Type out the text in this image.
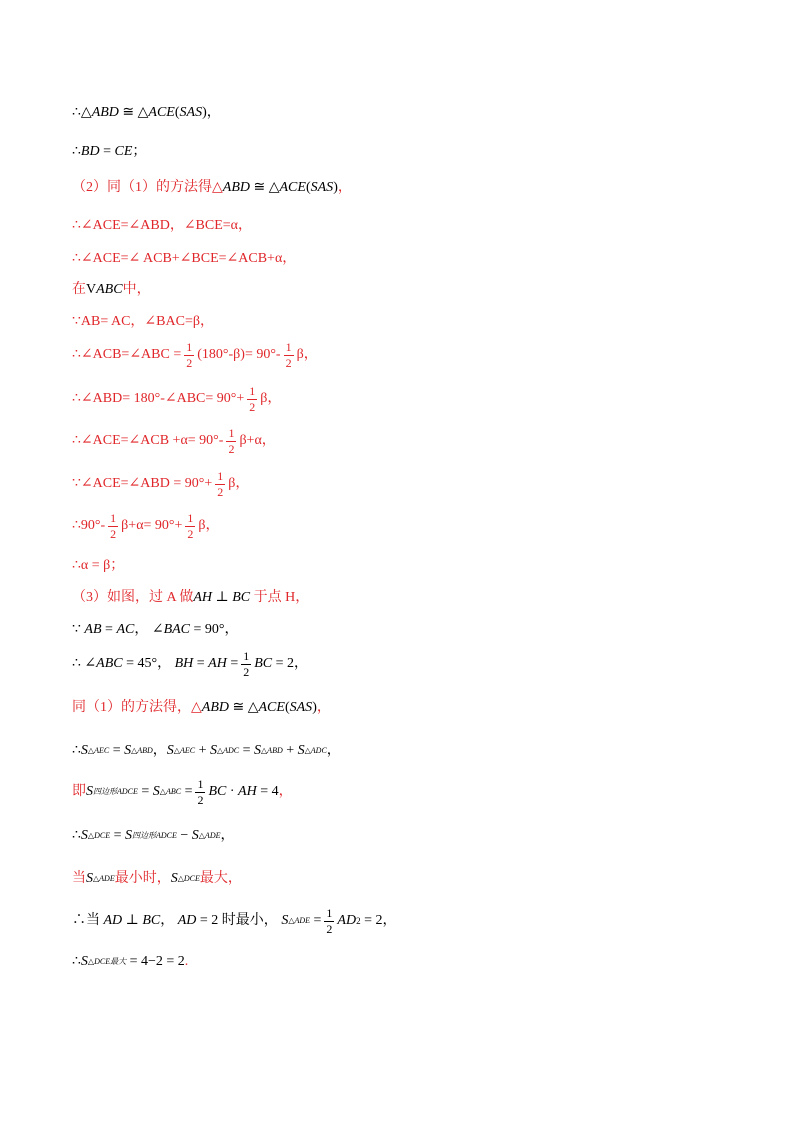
∴△ ABD ≅ △ ACE ( SAS )，
∴ BD = CE ；
（2）同（1）的方法得△ ABD ≅ △ ACE ( SAS ) ，
∴∠ACE=∠ABD，∠BCE=α，
∴∠ACE=∠ ACB+∠BCE=∠ACB+α，
在 V ABC 中，
∵AB= AC，∠BAC=β，
∴∠ACB=∠ABC = $\frac{1}{2} (180^\circ-\beta)= 90^\circ- \frac{1}{2}$ β，
∴∠ABD= 180°-∠ABC= $90^\circ+ \frac{1}{2}$ β，
∴∠ACE=∠ACB $+\alpha= 90^\circ- \frac{1}{2} \beta+\alpha$，
∵∠ACE=∠ABD = $90^\circ+ \frac{1}{2}$ β，
∴90°- $\frac{1}{2} \beta+\alpha= 90^\circ+ \frac{1}{2}$ β，
∴α = β；
（3）如图，过 A 做 AH ⊥ BC 于点 H，
∵ AB = AC ， ∠ BAC = 90°，
∴ ∠ ABC = 45°， BH = AH = $\frac{1}{2}$ BC = 2，
同（1）的方法得，△ ABD ≅ △ ACE ( SAS ) ，
∴ S △AEC = S △ABD ， S △AEC + S △ADC = S △ABD + S △ADC ，
即 S 四边形ADCE = S △ABC = $\frac{1}{2}$ BC · AH = 4 ，
∴ S △DCE = S 四边形ADCE − S △ADE ，
当 S △ADE 最小时， S △DCE 最大，
∴当 AD ⊥ BC ， AD = 2 时最小， S △ADE = $\frac{1}{2}$ AD 2 = 2，
∴ S △DCE最大 = 4−2 = 2 .
